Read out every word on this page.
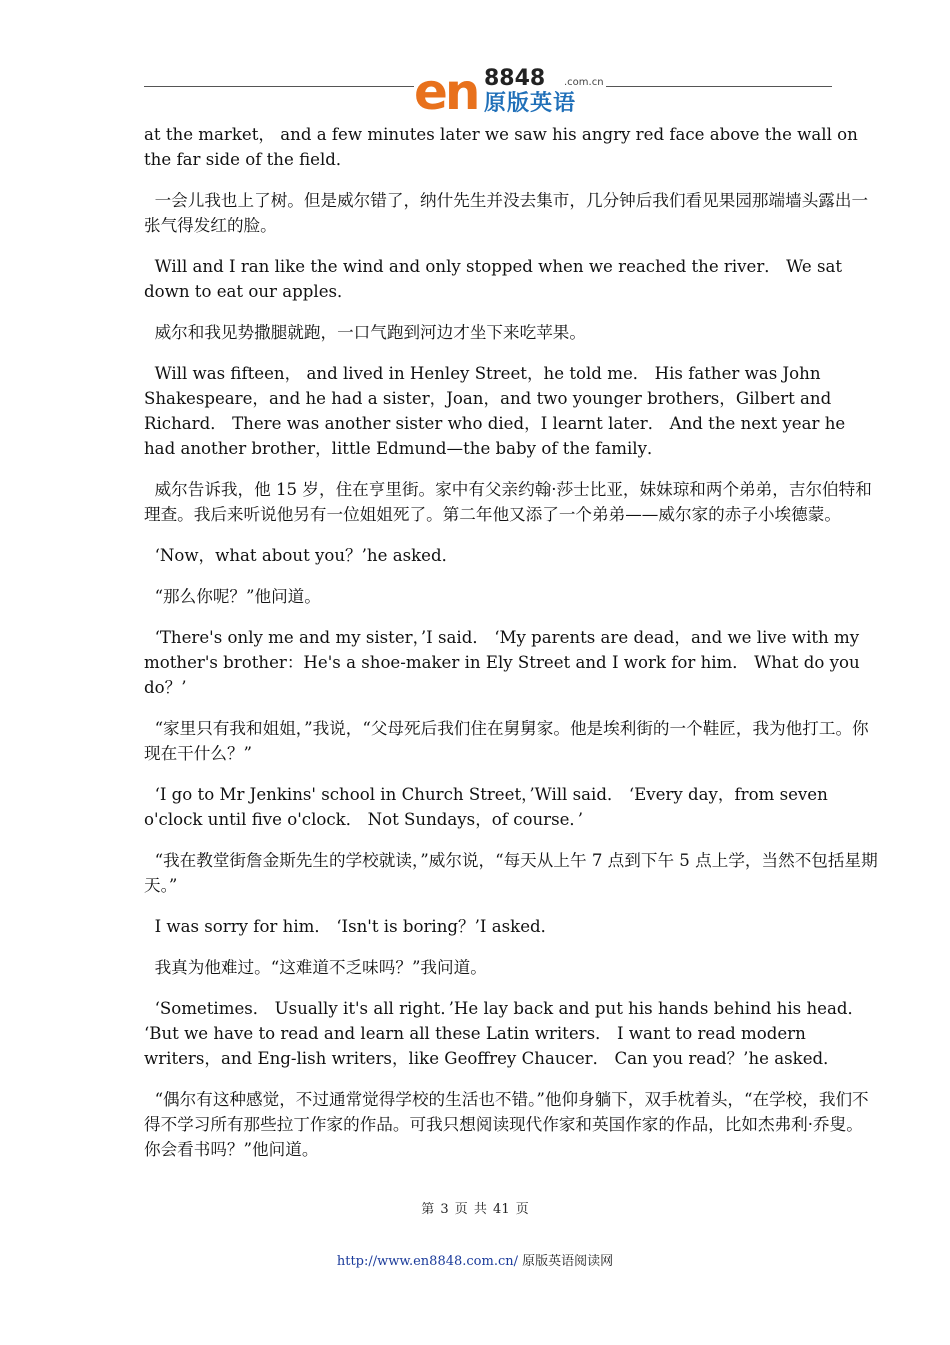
en 8848 .com.cn
原版英语

at the market， and a few minutes later we saw his angry red face above the wall on the far side of the field．

一会儿我也上了树。但是威尔错了，纳什先生并没去集市，几分钟后我们看见果园那端墙头露出一张气得发红的脸。

Will and I ran like the wind and only stopped when we reached the river． We sat down to eat our apples．

威尔和我见势撒腿就跑，一口气跑到河边才坐下来吃苹果。

Will was fifteen， and lived in Henley Street，he told me． His father was John Shakespeare，and he had a sister，Joan，and two younger brothers，Gilbert and Richard． There was another sister who died，I learnt later． And the next year he had another brother，little Edmund—the baby of the family．

威尔告诉我，他 15 岁，住在亨里街。家中有父亲约翰·莎士比亚，妹妹琼和两个弟弟，吉尔伯特和理查。我后来听说他另有一位姐姐死了。第二年他又添了一个弟弟——威尔家的赤子小埃德蒙。

‘Now，what about you？’he asked．

“那么你呢？”他问道。

‘There's only me and my sister，’I said． ‘My parents are dead，and we live with my mother's brother：He's a shoe-maker in Ely Street and I work for him． What do you do？’

“家里只有我和姐姐，”我说，“父母死后我们住在舅舅家。他是埃利街的一个鞋匠，我为他打工。你现在干什么？”

‘I go to Mr Jenkins' school in Church Street，’Will said． ‘Every day，from seven o'clock until five o'clock． Not Sundays，of course．’

“我在教堂街詹金斯先生的学校就读，”威尔说，“每天从上午 7 点到下午 5 点上学，当然不包括星期天。”

I was sorry for him． ‘Isn't is boring？’I asked．

我真为他难过。“这难道不乏味吗？”我问道。

‘Sometimes． Usually it's all right．’He lay back and put his hands behind his head． ‘But we have to read and learn all these Latin writers． I want to read modern writers，and Eng-lish writers，like Geoffrey Chaucer． Can you read？’he asked．

“偶尔有这种感觉，不过通常觉得学校的生活也不错。”他仰身躺下，双手枕着头，“在学校，我们不得不学习所有那些拉丁作家的作品。可我只想阅读现代作家和英国作家的作品，比如杰弗利·乔叟。你会看书吗？”他问道。

第 3 页 共 41 页
http://www.en8848.com.cn/ 原版英语阅读网
